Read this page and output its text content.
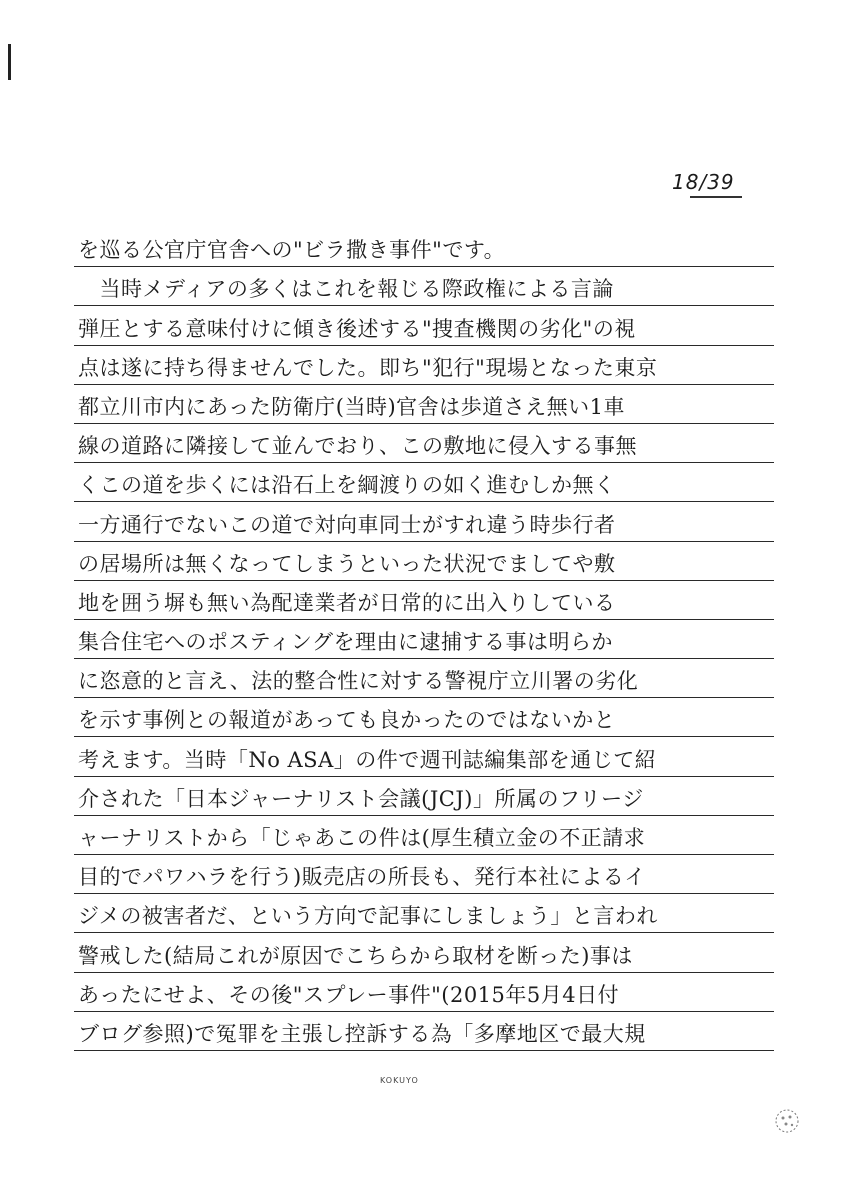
18/39
を巡る公官庁官舎への"ビラ撒き事件"です。
　当時メディアの多くはこれを報じる際政権による言論
弾圧とする意味付けに傾き後述する"捜査機関の劣化"の視
点は遂に持ち得ませんでした。即ち"犯行"現場となった東京
都立川市内にあった防衛庁(当時)官舎は歩道さえ無い1車
線の道路に隣接して並んでおり、この敷地に侵入する事無
くこの道を歩くには沿石上を綱渡りの如く進むしか無く
一方通行でないこの道で対向車同士がすれ違う時歩行者
の居場所は無くなってしまうといった状況でましてや敷
地を囲う塀も無い為配達業者が日常的に出入りしている
集合住宅へのポスティングを理由に逮捕する事は明らか
に恣意的と言え、法的整合性に対する警視庁立川署の劣化
を示す事例との報道があっても良かったのではないかと
考えます。当時「No ASA」の件で週刊誌編集部を通じて紹
介された「日本ジャーナリスト会議(JCJ)」所属のフリージ
ャーナリストから「じゃあこの件は(厚生積立金の不正請求
目的でパワハラを行う)販売店の所長も、発行本社によるイ
ジメの被害者だ、という方向で記事にしましょう」と言われ
警戒した(結局これが原因でこちらから取材を断った)事は
あったにせよ、その後"スプレー事件"(2015年5月4日付
ブログ参照)で冤罪を主張し控訴する為「多摩地区で最大規
KOKUYO
